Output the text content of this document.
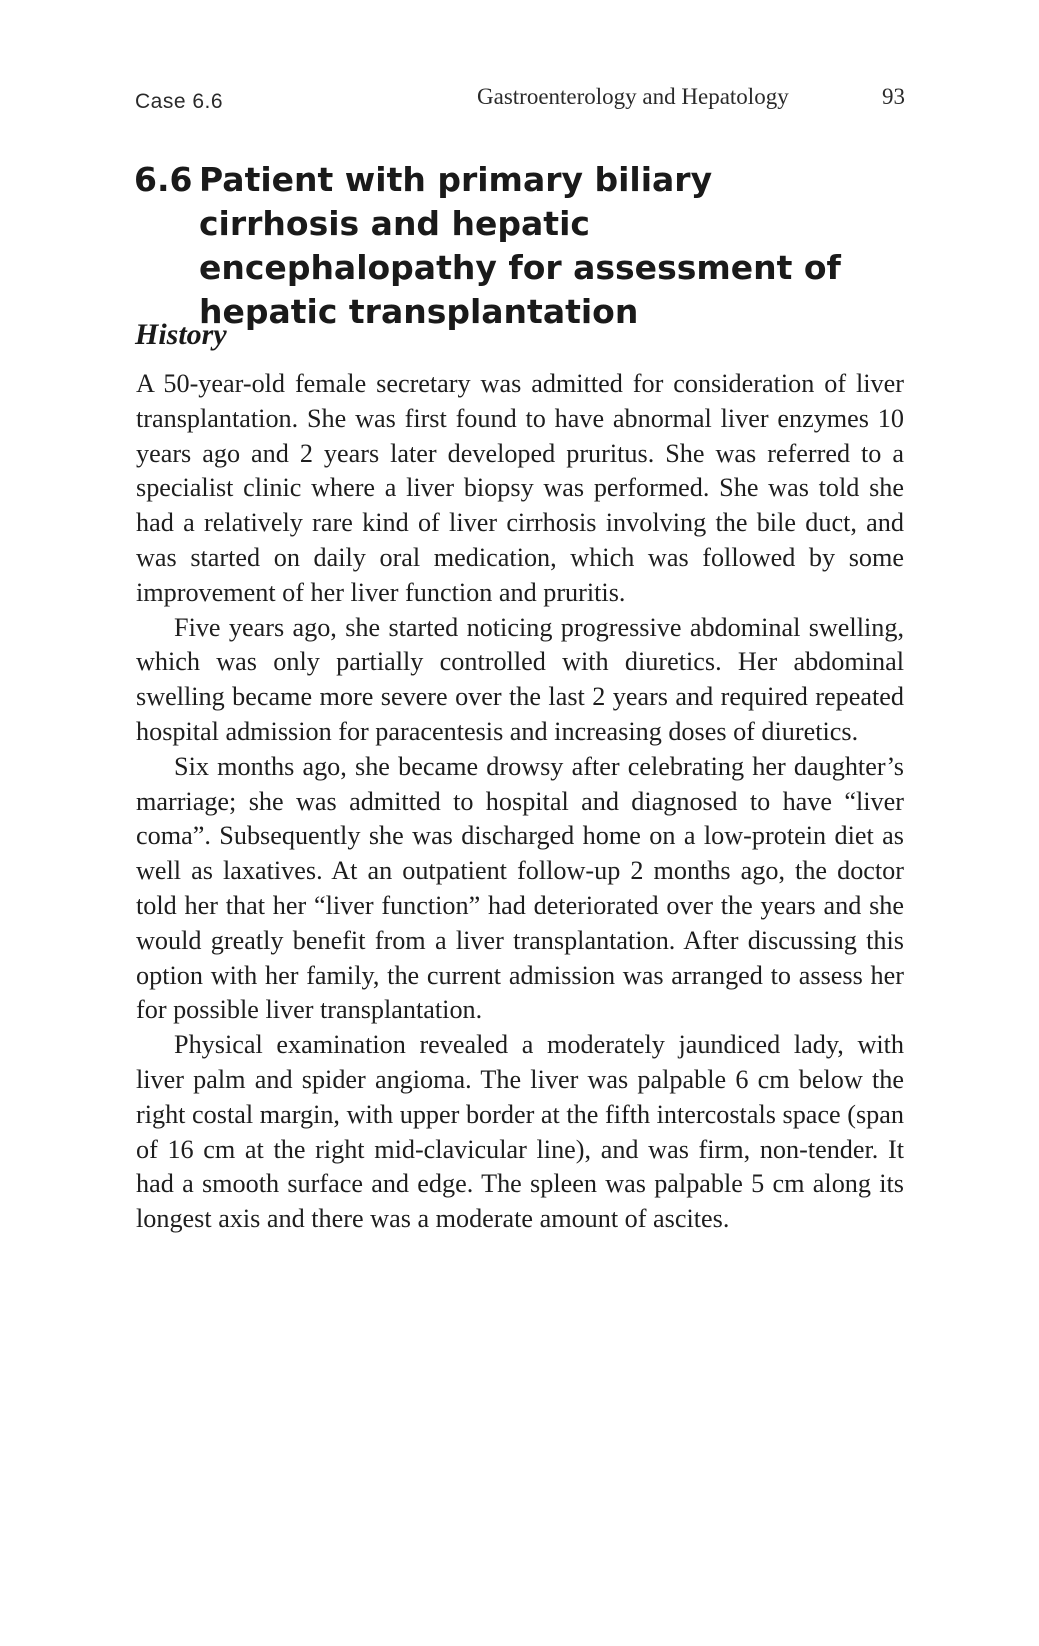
Case 6.6	Gastroenterology and Hepatology	93
6.6 Patient with primary biliary cirrhosis and hepatic encephalopathy for assessment of hepatic transplantation
History

A 50-year-old female secretary was admitted for consideration of liver transplantation. She was first found to have abnormal liver enzymes 10 years ago and 2 years later developed pruritus. She was referred to a specialist clinic where a liver biopsy was performed. She was told she had a relatively rare kind of liver cirrhosis involving the bile duct, and was started on daily oral medication, which was followed by some improvement of her liver function and pruritis.

Five years ago, she started noticing progressive abdominal swelling, which was only partially controlled with diuretics. Her abdominal swelling became more severe over the last 2 years and required repeated hospital admission for paracentesis and increasing doses of diuretics.

Six months ago, she became drowsy after celebrating her daughter’s marriage; she was admitted to hospital and diagnosed to have “liver coma”. Subsequently she was discharged home on a low-protein diet as well as laxatives. At an outpatient follow-up 2 months ago, the doctor told her that her “liver function” had deteriorated over the years and she would greatly benefit from a liver transplantation. After discussing this option with her family, the current admission was arranged to assess her for possible liver transplantation.

Physical examination revealed a moderately jaundiced lady, with liver palm and spider angioma. The liver was palpable 6 cm below the right costal margin, with upper border at the fifth intercostals space (span of 16 cm at the right mid-clavicular line), and was firm, non-tender. It had a smooth surface and edge. The spleen was palpable 5 cm along its longest axis and there was a moderate amount of ascites.
